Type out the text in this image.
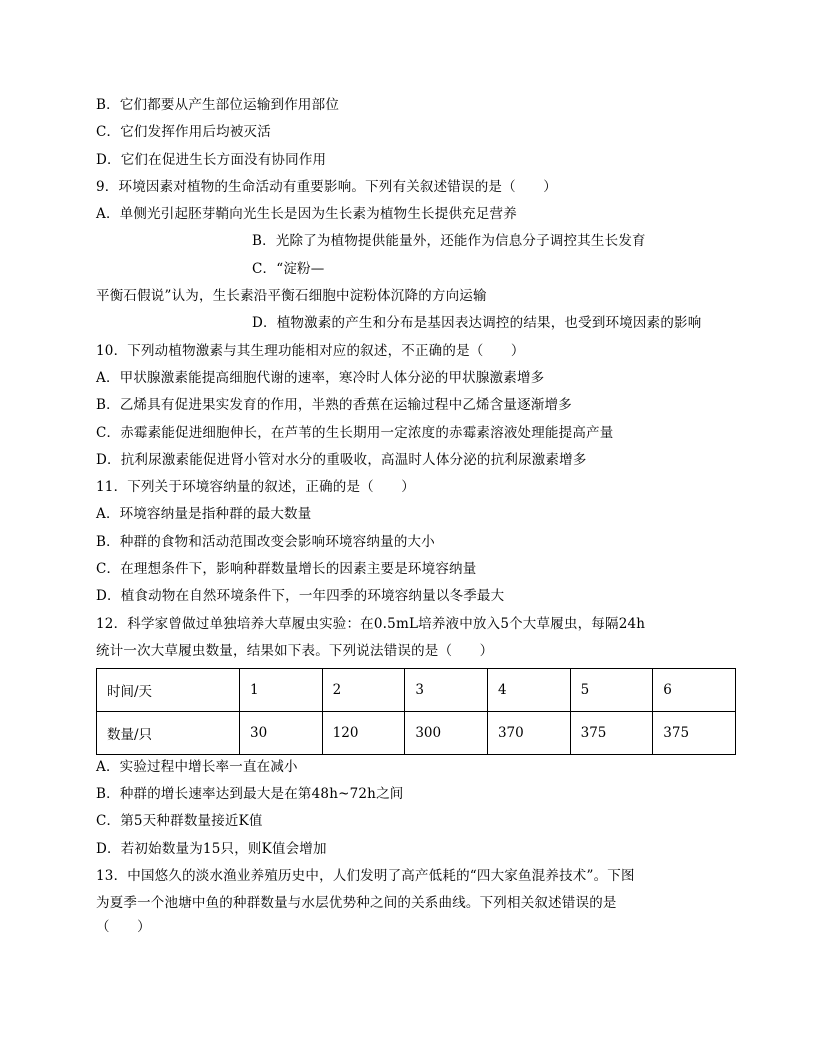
B．它们都要从产生部位运输到作用部位
C．它们发挥作用后均被灭活
D．它们在促进生长方面没有协同作用
9．环境因素对植物的生命活动有重要影响。下列有关叙述错误的是（　　）
A．单侧光引起胚芽鞘向光生长是因为生长素为植物生长提供充足营养
B．光除了为植物提供能量外，还能作为信息分子调控其生长发育
C．“淀粉—
平衡石假说”认为，生长素沿平衡石细胞中淀粉体沉降的方向运输
D．植物激素的产生和分布是基因表达调控的结果，也受到环境因素的影响
10．下列动植物激素与其生理功能相对应的叙述，不正确的是（　　）
A．甲状腺激素能提高细胞代谢的速率，寒冷时人体分泌的甲状腺激素增多
B．乙烯具有促进果实发育的作用，半熟的香蕉在运输过程中乙烯含量逐渐增多
C．赤霉素能促进细胞伸长，在芦苇的生长期用一定浓度的赤霉素溶液处理能提高产量
D．抗利尿激素能促进肾小管对水分的重吸收，高温时人体分泌的抗利尿激素增多
11．下列关于环境容纳量的叙述，正确的是（　　）
A．环境容纳量是指种群的最大数量
B．种群的食物和活动范围改变会影响环境容纳量的大小
C．在理想条件下，影响种群数量增长的因素主要是环境容纳量
D．植食动物在自然环境条件下，一年四季的环境容纳量以冬季最大
12．科学家曾做过单独培养大草履虫实验：在0.5mL培养液中放入5个大草履虫，每隔24h
统计一次大草履虫数量，结果如下表。下列说法错误的是（　　）
时间/天	1	2	3	4	5	6
数量/只	30	120	300	370	375	375
A．实验过程中增长率一直在减小
B．种群的增长速率达到最大是在第48h~72h之间
C．第5天种群数量接近K值
D．若初始数量为15只，则K值会增加
13．中国悠久的淡水渔业养殖历史中，人们发明了高产低耗的“四大家鱼混养技术”。下图
为夏季一个池塘中鱼的种群数量与水层优势种之间的关系曲线。下列相关叙述错误的是
（　　）
